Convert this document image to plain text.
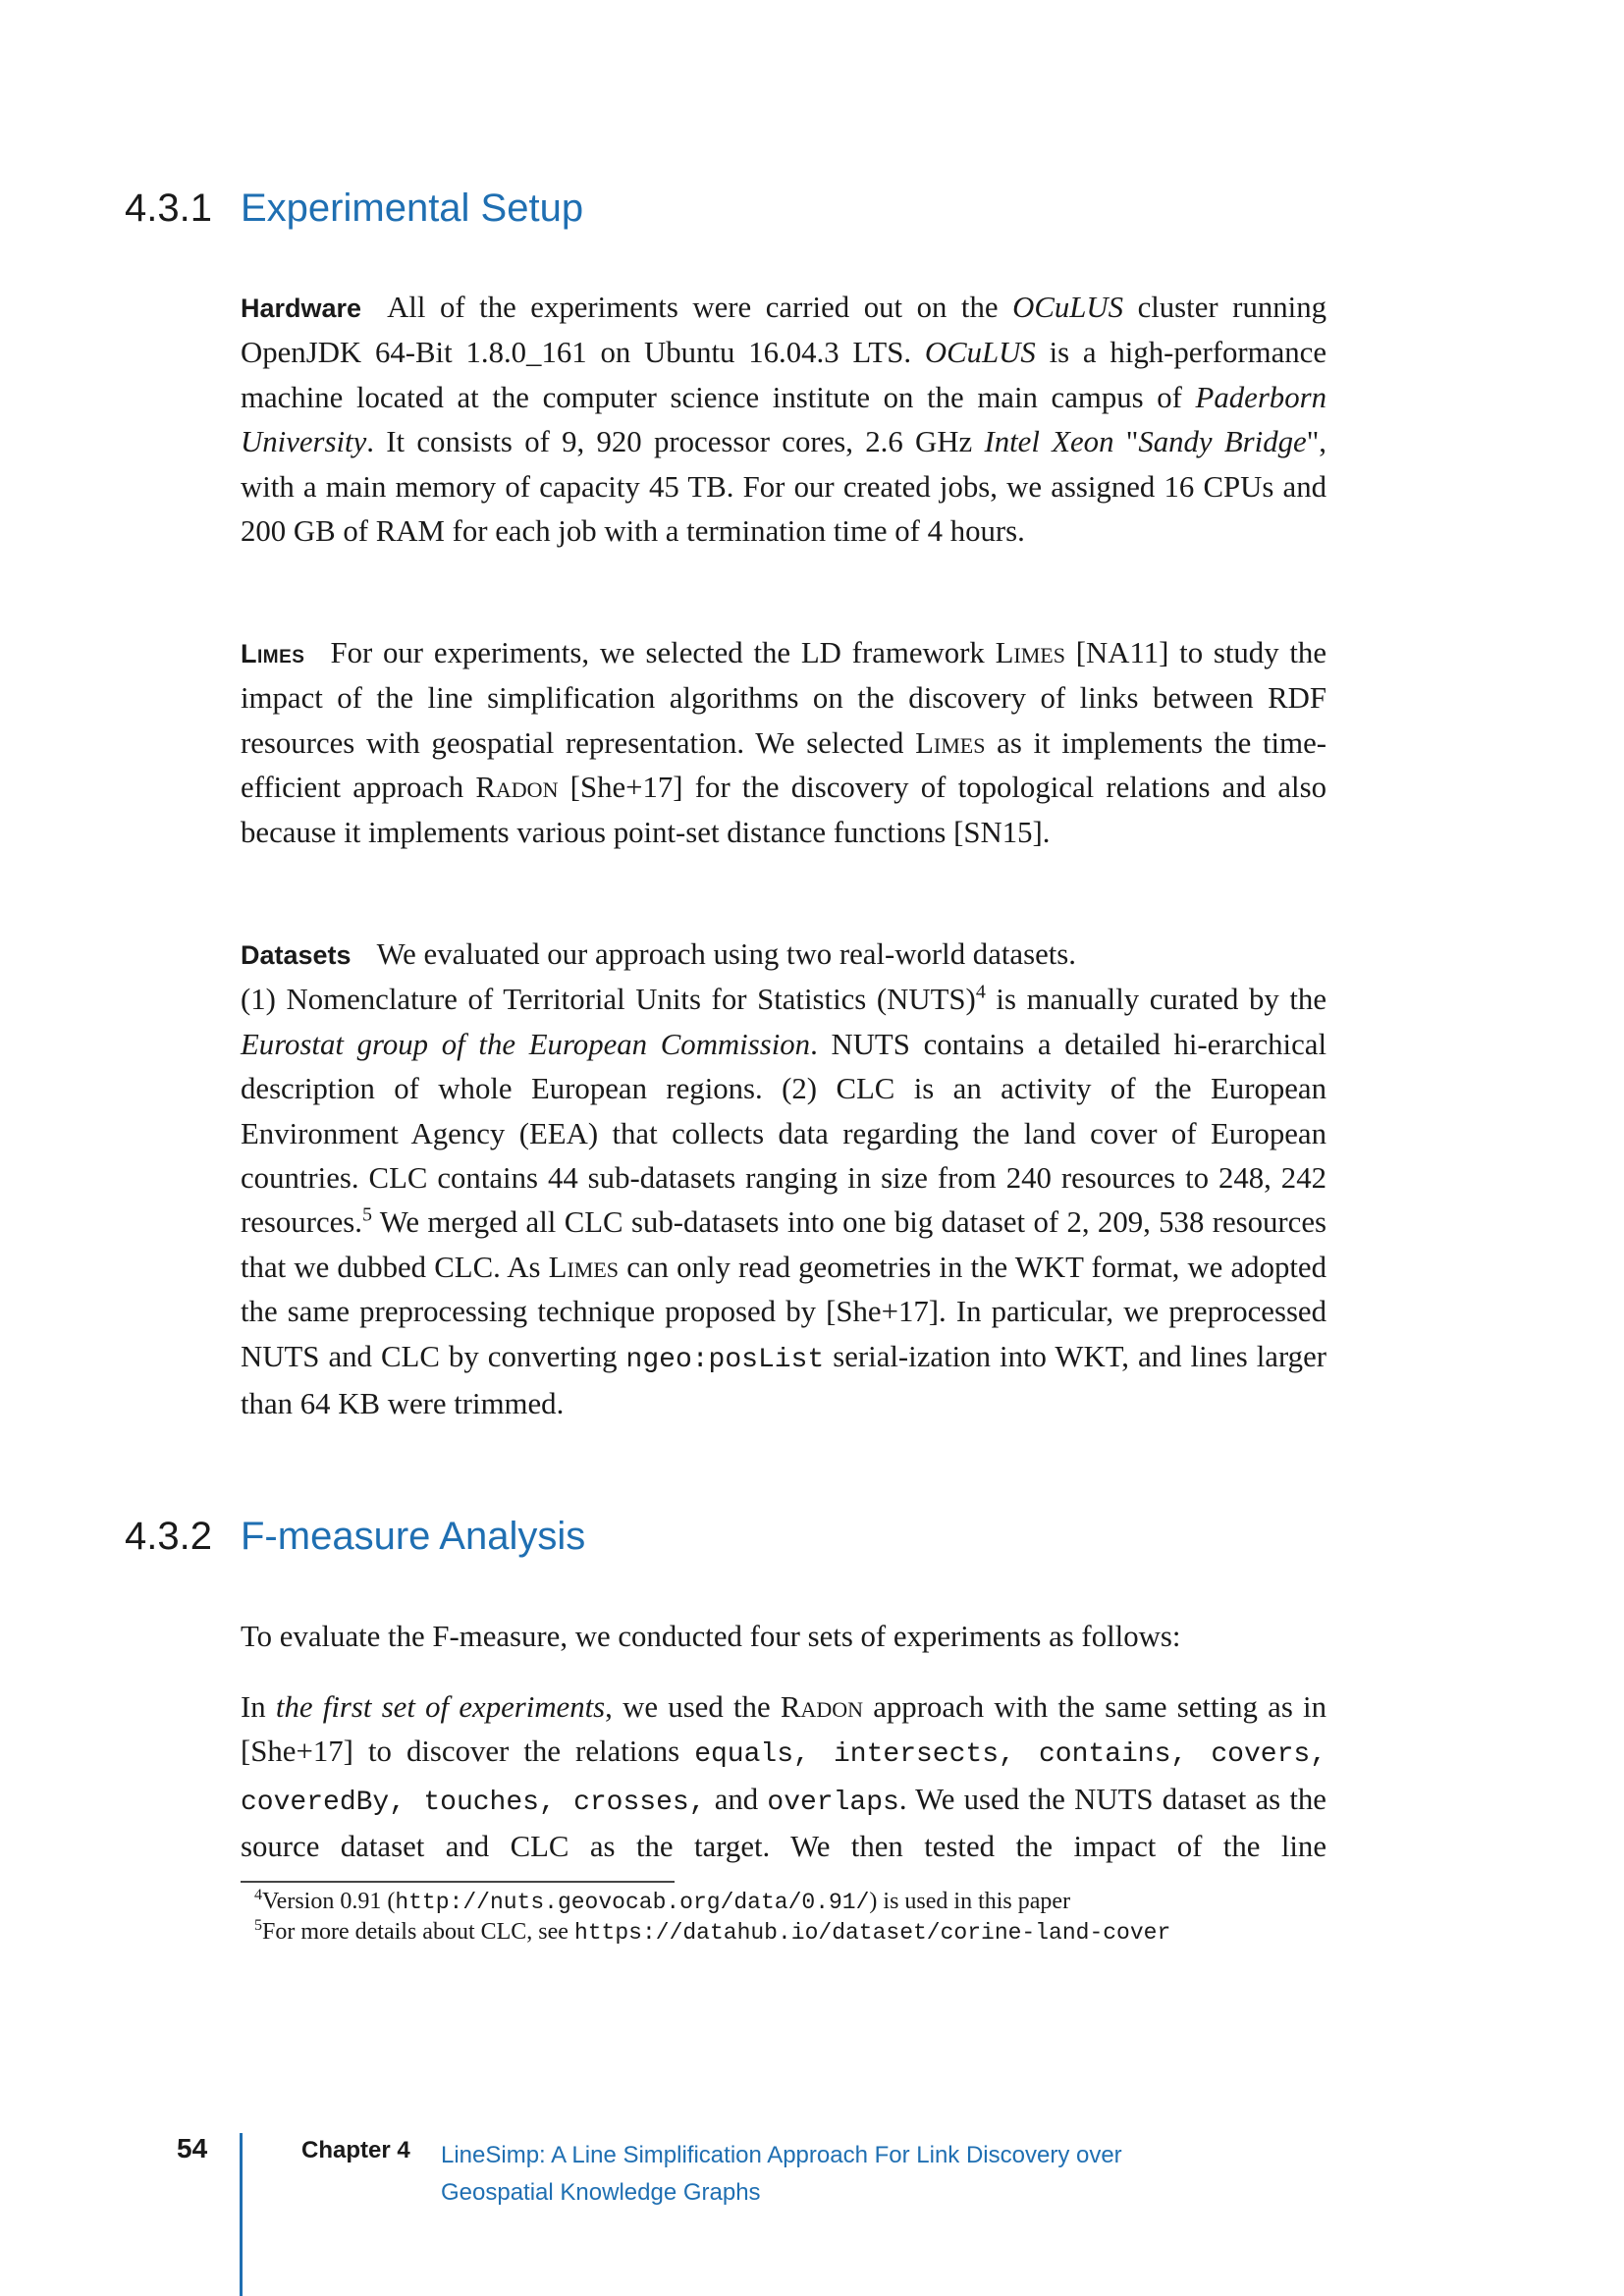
4.3.1 Experimental Setup

Hardware All of the experiments were carried out on the OCuLUS cluster running OpenJDK 64-Bit 1.8.0_161 on Ubuntu 16.04.3 LTS. OCuLUS is a high-performance machine located at the computer science institute on the main campus of Paderborn University. It consists of 9, 920 processor cores, 2.6 GHz Intel Xeon "Sandy Bridge", with a main memory of capacity 45 TB. For our created jobs, we assigned 16 CPUs and 200 GB of RAM for each job with a termination time of 4 hours.

Limes For our experiments, we selected the LD framework Limes [NA11] to study the impact of the line simplification algorithms on the discovery of links between RDF resources with geospatial representation. We selected Limes as it implements the time-efficient approach Radon [She+17] for the discovery of topological relations and also because it implements various point-set distance functions [SN15].

Datasets We evaluated our approach using two real-world datasets.
(1) Nomenclature of Territorial Units for Statistics (NUTS)$^4$ is manually curated by the Eurostat group of the European Commission. NUTS contains a detailed hi-erarchical description of whole European regions. (2) CLC is an activity of the European Environment Agency (EEA) that collects data regarding the land cover of European countries. CLC contains 44 sub-datasets ranging in size from 240 resources to 248, 242 resources.$^5$ We merged all CLC sub-datasets into one big dataset of 2, 209, 538 resources that we dubbed CLC. As Limes can only read geometries in the WKT format, we adopted the same preprocessing technique proposed by [She+17]. In particular, we preprocessed NUTS and CLC by converting ngeo:posList serial-ization into WKT, and lines larger than 64 KB were trimmed.

4.3.2 F-measure Analysis

To evaluate the F-measure, we conducted four sets of experiments as follows:

In the first set of experiments, we used the Radon approach with the same setting as in [She+17] to discover the relations equals, intersects, contains, covers, coveredBy, touches, crosses, and overlaps. We used the NUTS dataset as the source dataset and CLC as the target. We then tested the impact of the line

$^4$Version 0.91 (http://nuts.geovocab.org/data/0.91/) is used in this paper

$^5$For more details about CLC, see https://datahub.io/dataset/corine-land-cover

54	Chapter 4 LineSimp: A Line Simplification Approach For Link Discovery over Geospatial Knowledge Graphs
